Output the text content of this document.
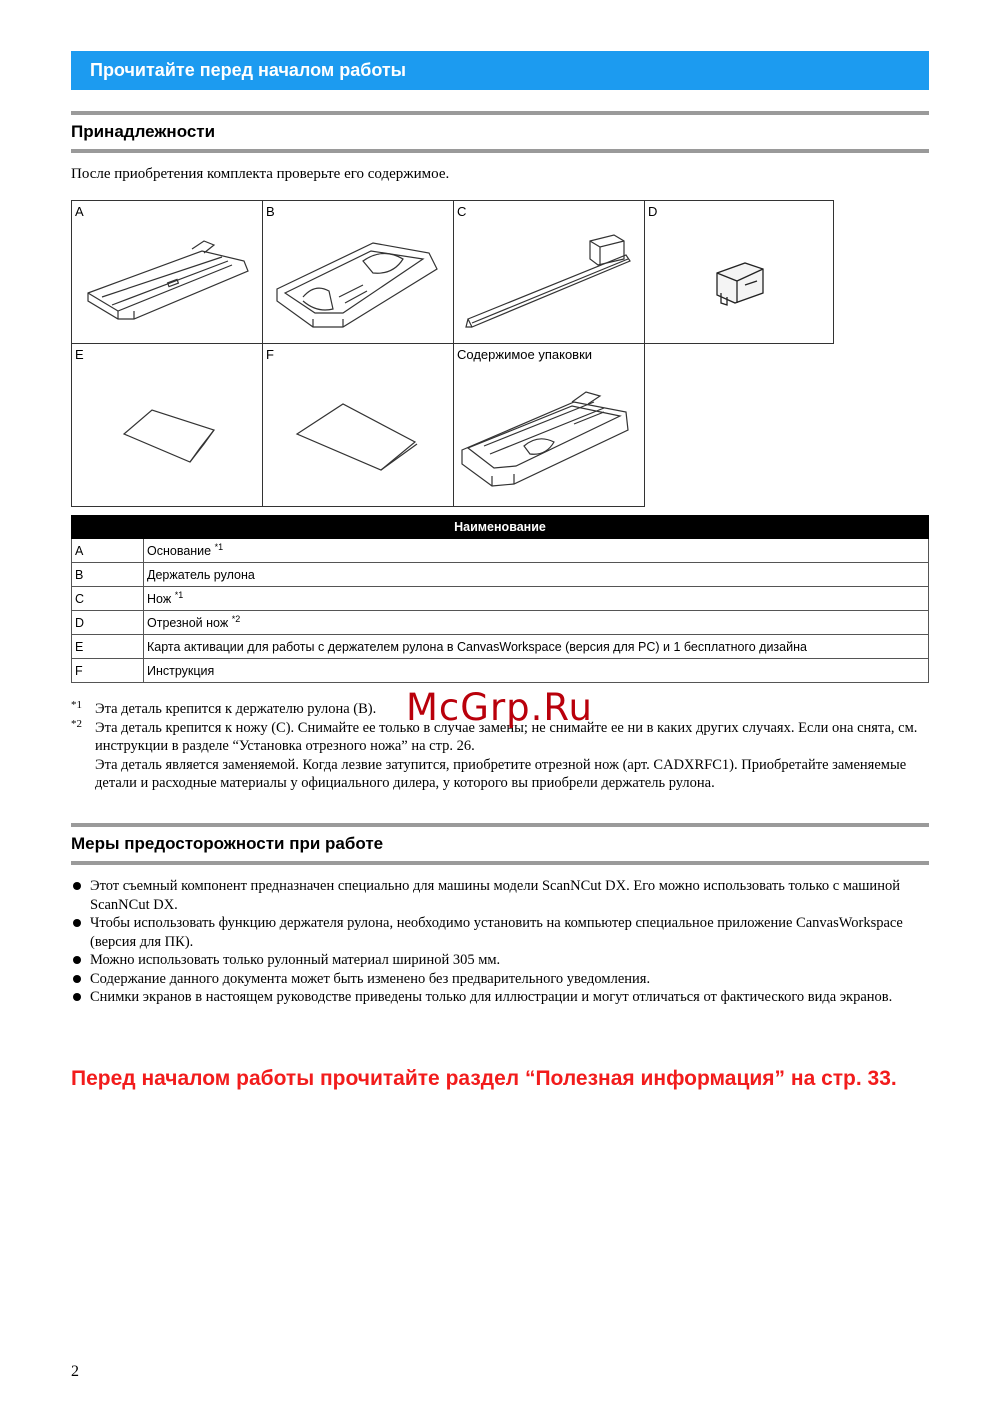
Прочитайте перед началом работы
Принадлежности
После приобретения комплекта проверьте его содержимое.
A	B	C	D
E	F	Содержимое упаковки
Наименование	
A	Основание $^{*1}$
B	Держатель рулона
C	Нож $^{*1}$
D	Отрезной нож $^{*2}$
E	Карта активации для работы с держателем рулона в CanvasWorkspace (версия для PC) и 1 бесплатного дизайна
F	Инструкция
*1 Эта деталь крепится к держателю рулона (B).
*2 Эта деталь крепится к ножу (C). Снимайте ее только в случае замены; не снимайте ее ни в каких других случаях. Если она снята, см. инструкции в разделе “Установка отрезного ножа” на стр. 26.
Эта деталь является заменяемой. Когда лезвие затупится, приобретите отрезной нож (арт. CADXRFC1). Приобретайте заменяемые детали и расходные материалы у официального дилера, у которого вы приобрели держатель рулона.
McGrp.Ru
Меры предосторожности при работе
Этот съемный компонент предназначен специально для машины модели ScanNCut DX. Его можно использовать только с машиной ScanNCut DX.
Чтобы использовать функцию держателя рулона, необходимо установить на компьютер специальное приложение CanvasWorkspace (версия для ПК).
Можно использовать только рулонный материал шириной 305 мм.
Содержание данного документа может быть изменено без предварительного уведомления.
Снимки экранов в настоящем руководстве приведены только для иллюстрации и могут отличаться от фактического вида экранов.
Перед началом работы прочитайте раздел “Полезная информация” на стр. 33.
2
